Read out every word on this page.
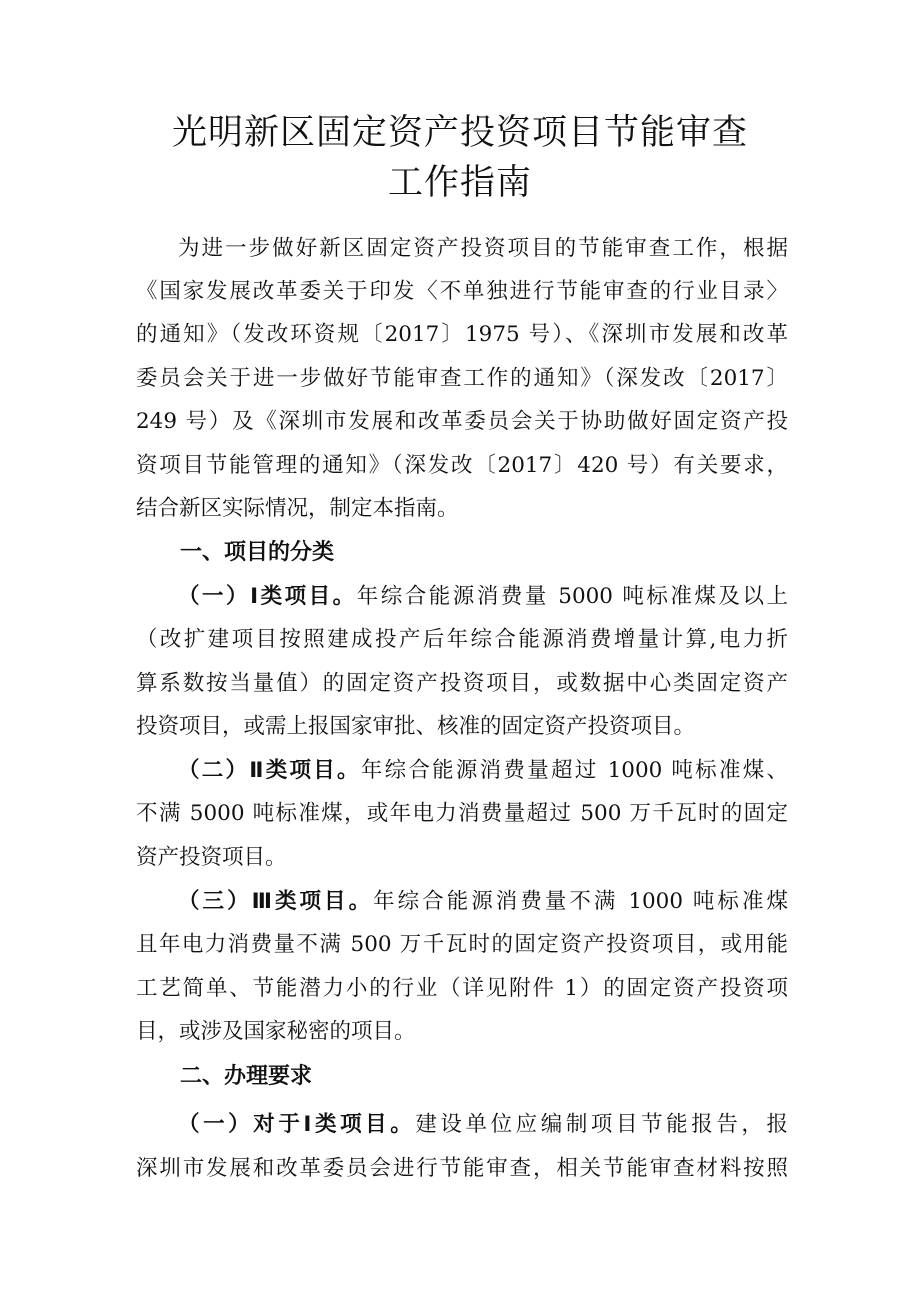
光明新区固定资产投资项目节能审查
工作指南
为进一步做好新区固定资产投资项目的节能审查工作，根据
《国家发展改革委关于印发〈不单独进行节能审查的行业目录〉
的通知》（发改环资规〔2017〕1975 号）、《深圳市发展和改革
委员会关于进一步做好节能审查工作的通知》（深发改〔2017〕
249 号）及《深圳市发展和改革委员会关于协助做好固定资产投
资项目节能管理的通知》（深发改〔2017〕420 号）有关要求，
结合新区实际情况，制定本指南。
一、项目的分类
（一）Ⅰ类项目。年综合能源消费量 5000 吨标准煤及以上
（改扩建项目按照建成投产后年综合能源消费增量计算,电力折
算系数按当量值）的固定资产投资项目，或数据中心类固定资产
投资项目，或需上报国家审批、核准的固定资产投资项目。
（二）Ⅱ类项目。年综合能源消费量超过 1000 吨标准煤、
不满 5000 吨标准煤，或年电力消费量超过 500 万千瓦时的固定
资产投资项目。
（三）Ⅲ类项目。年综合能源消费量不满 1000 吨标准煤
且年电力消费量不满 500 万千瓦时的固定资产投资项目，或用能
工艺简单、节能潜力小的行业（详见附件 1）的固定资产投资项
目，或涉及国家秘密的项目。
二、办理要求
（一）对于Ⅰ类项目。建设单位应编制项目节能报告，报
深圳市发展和改革委员会进行节能审查，相关节能审查材料按照
